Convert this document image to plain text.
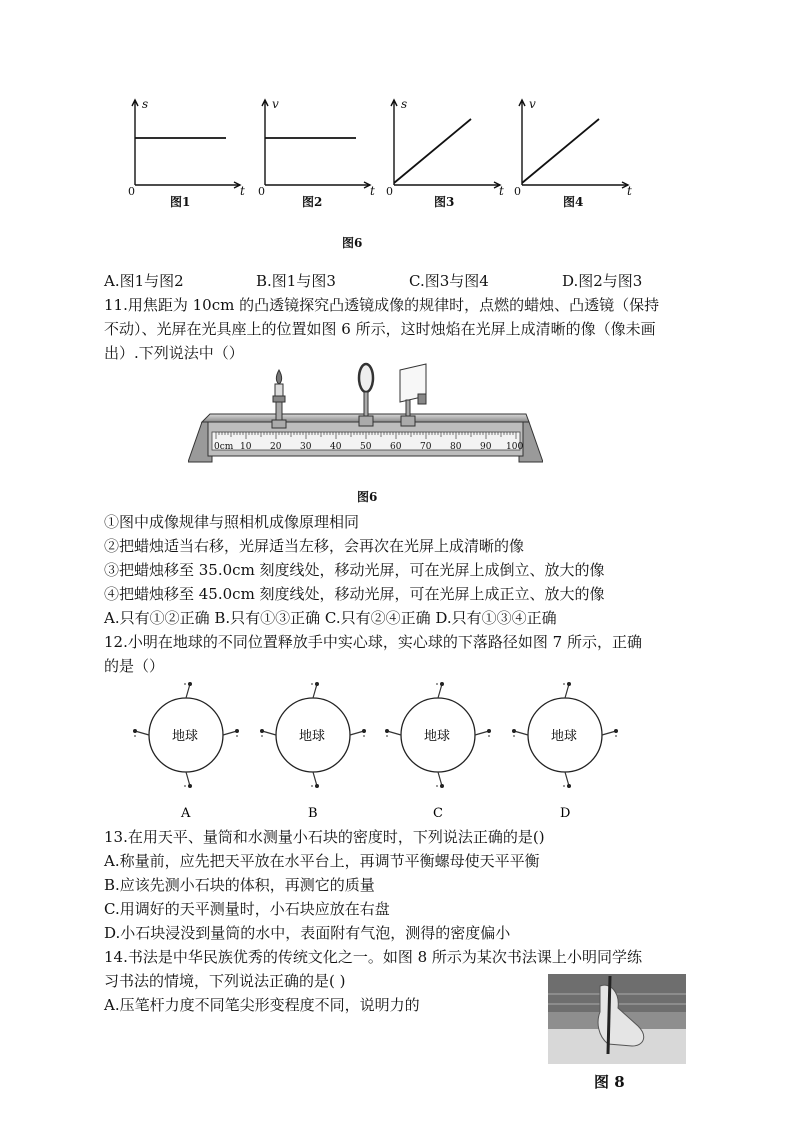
s
t
0
v
t
0
s
t
0
v
t
0
图1	图2	图3	图4
图6
A.图1与图2	B.图1与图3	C.图3与图4	D.图2与图3
11.用焦距为 10cm 的凸透镜探究凸透镜成像的规律时，点燃的蜡烛、凸透镜（保持
不动）、光屏在光具座上的位置如图 6 所示，这时烛焰在光屏上成清晰的像（像未画
出）.下列说法中（）
0cm 10 20 30 40 50 60 70 80 90 100
图6
①图中成像规律与照相机成像原理相同
②把蜡烛适当右移，光屏适当左移，会再次在光屏上成清晰的像
③把蜡烛移至 35.0cm 刻度线处，移动光屏，可在光屏上成倒立、放大的像
④把蜡烛移至 45.0cm 刻度线处，移动光屏，可在光屏上成正立、放大的像
A.只有①②正确 B.只有①③正确 C.只有②④正确 D.只有①③④正确
12.小明在地球的不同位置释放手中实心球，实心球的下落路径如图 7 所示，正确
的是（）
地球
A
地球
B
地球
C
地球
D
13.在用天平、量筒和水测量小石块的密度时，下列说法正确的是()
A.称量前，应先把天平放在水平台上，再调节平衡螺母使天平平衡
B.应该先测小石块的体积，再测它的质量
C.用调好的天平测量时，小石块应放在右盘
D.小石块浸没到量筒的水中，表面附有气泡，测得的密度偏小
14.书法是中华民族优秀的传统文化之一。如图 8 所示为某次书法课上小明同学练
习书法的情境，下列说法正确的是( )
A.压笔杆力度不同笔尖形变程度不同，说明力的
图 8
